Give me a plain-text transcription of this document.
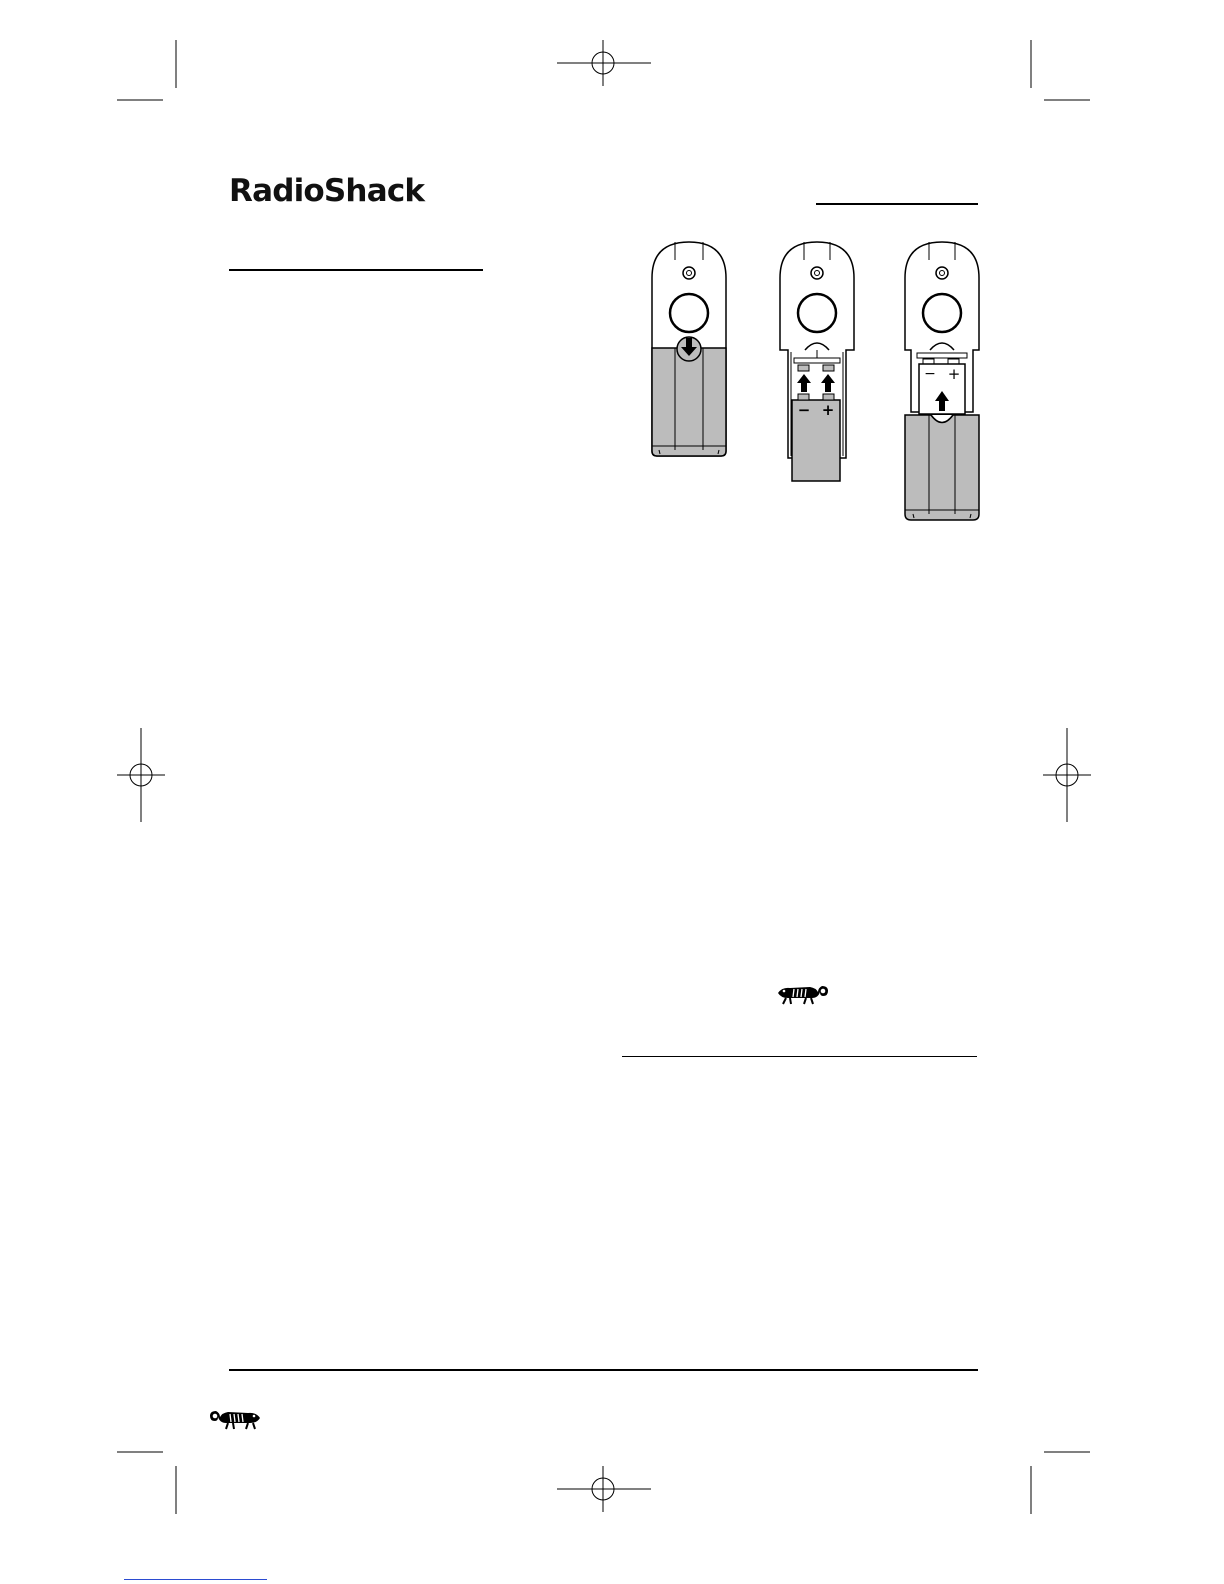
RadioShack
− +
− +
